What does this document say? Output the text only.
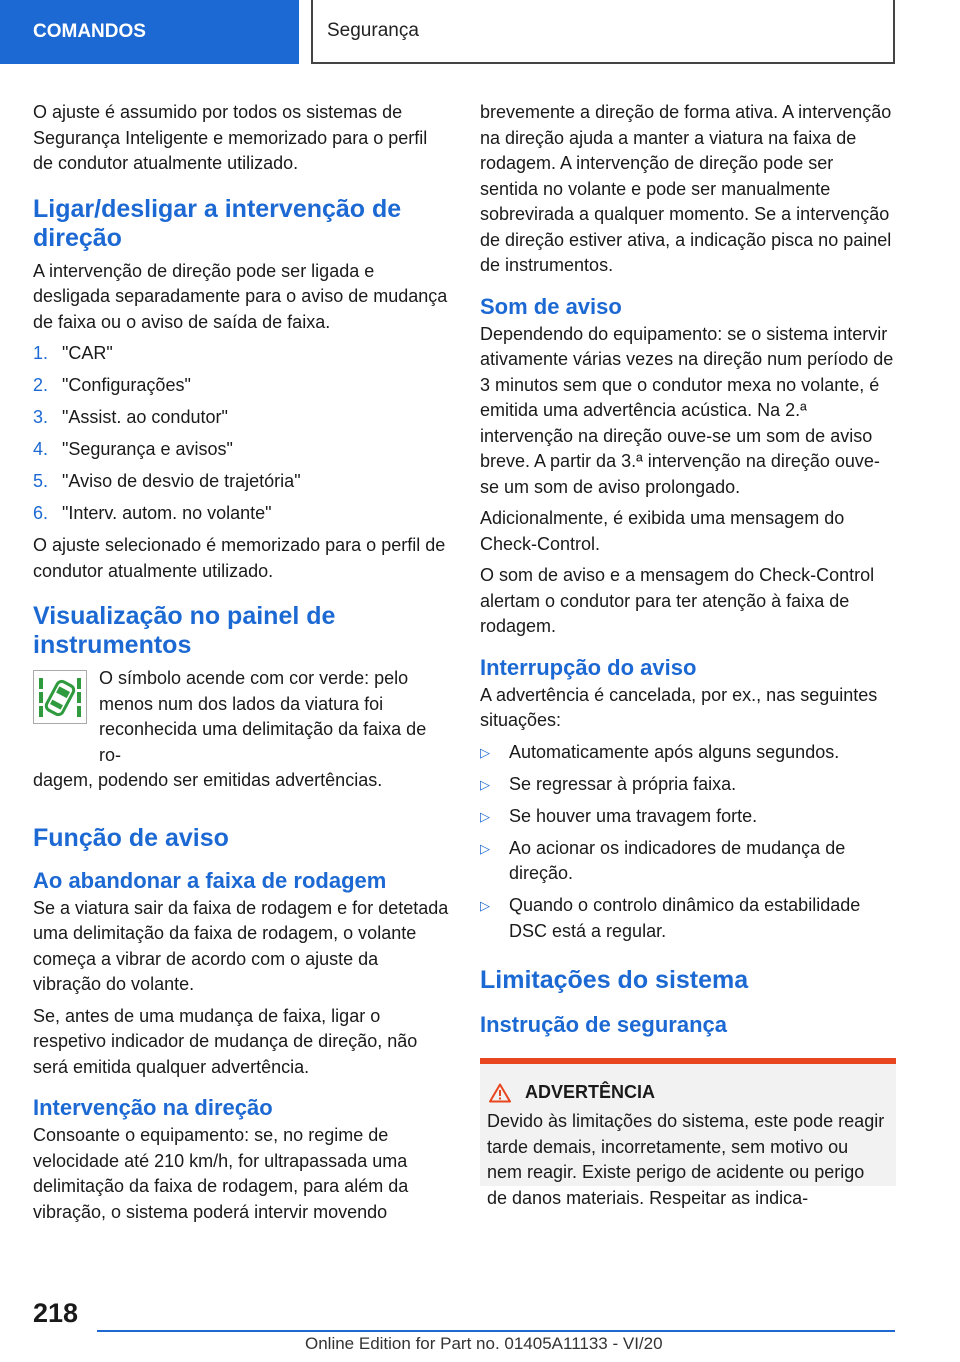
COMANDOS	Segurança

O ajuste é assumido por todos os sistemas de Segurança Inteligente e memorizado para o perfil de condutor atualmente utilizado.

Ligar/desligar a intervenção de direção

A intervenção de direção pode ser ligada e desligada separadamente para o aviso de mudança de faixa ou o aviso de saída de faixa.

1. "CAR"
2. "Configurações"
3. "Assist. ao condutor"
4. "Segurança e avisos"
5. "Aviso de desvio de trajetória"
6. "Interv. autom. no volante"

O ajuste selecionado é memorizado para o perfil de condutor atualmente utilizado.

Visualização no painel de instrumentos

O símbolo acende com cor verde: pelo menos num dos lados da viatura foi reconhecida uma delimitação da faixa de ro-

dagem, podendo ser emitidas advertências.

Função de aviso
Ao abandonar a faixa de rodagem

Se a viatura sair da faixa de rodagem e for detetada uma delimitação da faixa de rodagem, o volante começa a vibrar de acordo com o ajuste da vibração do volante.

Se, antes de uma mudança de faixa, ligar o respetivo indicador de mudança de direção, não será emitida qualquer advertência.

Intervenção na direção

Consoante o equipamento: se, no regime de velocidade até 210 km/h, for ultrapassada uma delimitação da faixa de rodagem, para além da vibração, o sistema poderá intervir movendo

brevemente a direção de forma ativa. A intervenção na direção ajuda a manter a viatura na faixa de rodagem. A intervenção de direção pode ser sentida no volante e pode ser manualmente sobrevirada a qualquer momento. Se a intervenção de direção estiver ativa, a indicação pisca no painel de instrumentos.

Som de aviso

Dependendo do equipamento: se o sistema intervir ativamente várias vezes na direção num período de 3 minutos sem que o condutor mexa no volante, é emitida uma advertência acústica. Na 2.ª intervenção na direção ouve-se um som de aviso breve. A partir da 3.ª intervenção na direção ouve-se um som de aviso prolongado.

Adicionalmente, é exibida uma mensagem do Check-Control.

O som de aviso e a mensagem do Check-Control alertam o condutor para ter atenção à faixa de rodagem.

Interrupção do aviso

A advertência é cancelada, por ex., nas seguintes situações:

▷	Automaticamente após alguns segundos.
▷	Se regressar à própria faixa.
▷	Se houver uma travagem forte.
▷	Ao acionar os indicadores de mudança de direção.
▷	Quando o controlo dinâmico da estabilidade DSC está a regular.
Limitações do sistema
Instrução de segurança
ADVERTÊNCIA

Devido às limitações do sistema, este pode reagir tarde demais, incorretamente, sem motivo ou nem reagir. Existe perigo de acidente ou perigo de danos materiais. Respeitar as indica-

218
Online Edition for Part no. 01405A11133 - VI/20
